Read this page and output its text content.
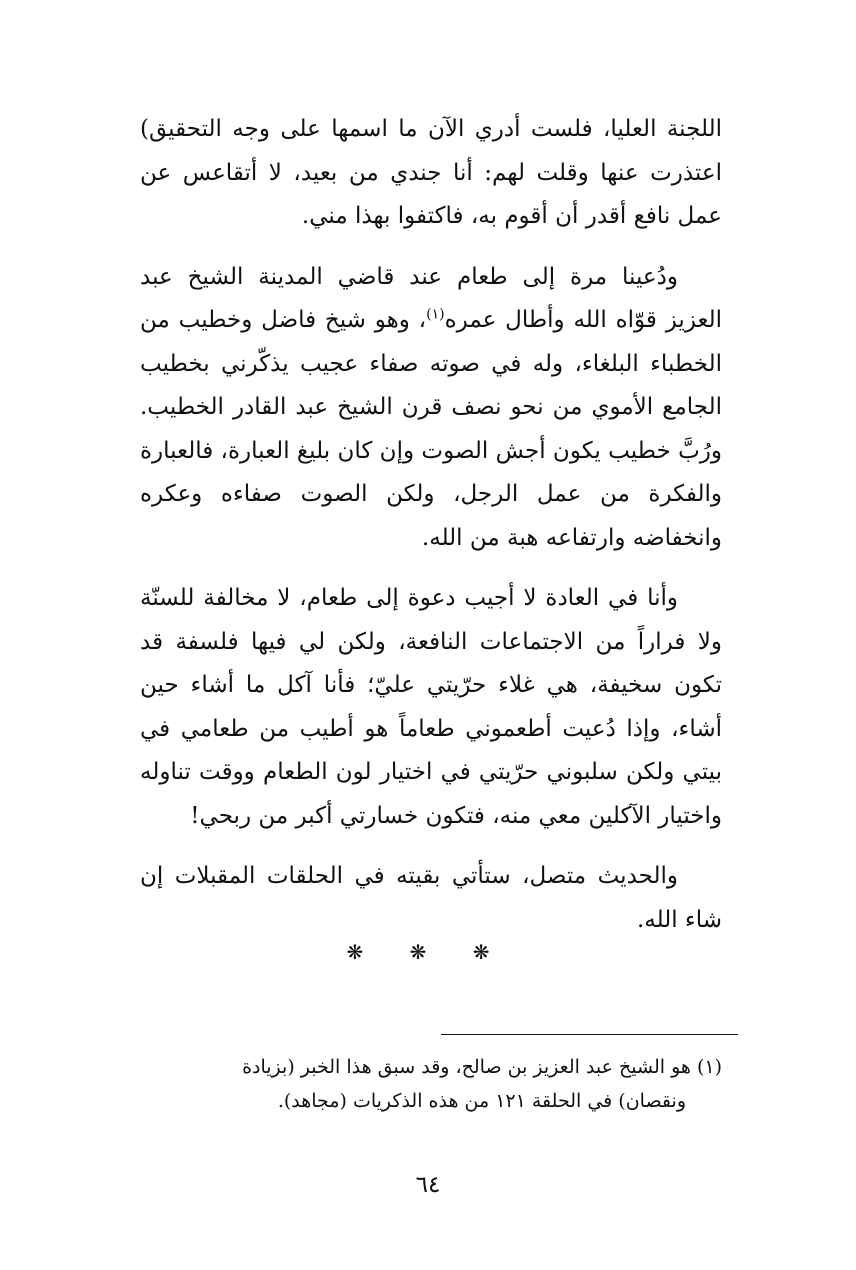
اللجنة العليا، فلست أدري الآن ما اسمها على وجه التحقيق) اعتذرت عنها وقلت لهم: أنا جندي من بعيد، لا أتقاعس عن عمل نافع أقدر أن أقوم به، فاكتفوا بهذا مني.

ودُعينا مرة إلى طعام عند قاضي المدينة الشيخ عبد العزيز قوّاه الله وأطال عمره$^{(١)}$، وهو شيخ فاضل وخطيب من الخطباء البلغاء، وله في صوته صفاء عجيب يذكّرني بخطيب الجامع الأموي من نحو نصف قرن الشيخ عبد القادر الخطيب. ورُبَّ خطيب يكون أجش الصوت وإن كان بليغ العبارة، فالعبارة والفكرة من عمل الرجل، ولكن الصوت صفاءه وعكره وانخفاضه وارتفاعه هبة من الله.

وأنا في العادة لا أجيب دعوة إلى طعام، لا مخالفة للسنّة ولا فراراً من الاجتماعات النافعة، ولكن لي فيها فلسفة قد تكون سخيفة، هي غلاء حرّيتي عليّ؛ فأنا آكل ما أشاء حين أشاء، وإذا دُعيت أطعموني طعاماً هو أطيب من طعامي في بيتي ولكن سلبوني حرّيتي في اختيار لون الطعام ووقت تناوله واختيار الآكلين معي منه، فتكون خسارتي أكبر من ربحي!

والحديث متصل، ستأتي بقيته في الحلقات المقبلات إن شاء الله.

❋ ❋ ❋
(١)هو الشيخ عبد العزيز بن صالح، وقد سبق هذا الخبر (بزيادة
ونقصان) في الحلقة ١٢١ من هذه الذكريات (مجاهد).
٦٤
